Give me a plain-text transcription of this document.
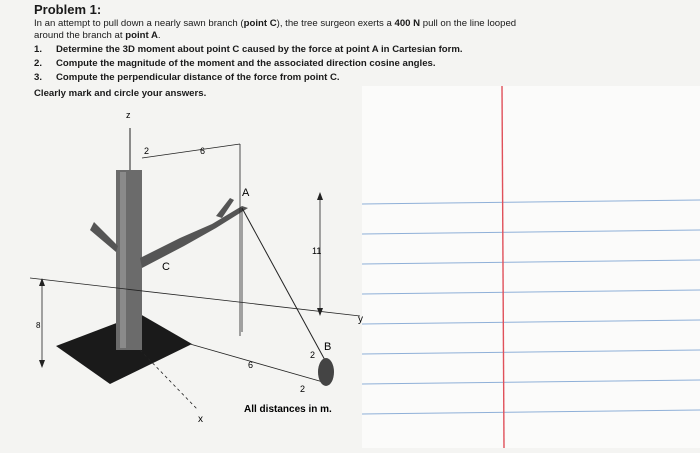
Problem 1:
In an attempt to pull down a nearly sawn branch (point C), the tree surgeon exerts a 400 N pull on the line looped
around the branch at point A.
1. Determine the 3D moment about point C caused by the force at point A in Cartesian form.
2. Compute the magnitude of the moment and the associated direction cosine angles.
3. Compute the perpendicular distance of the force from point C.
Clearly mark and circle your answers.
z
2	6
A
C
11
y
8
x
6
B
2
2
All distances in m.
